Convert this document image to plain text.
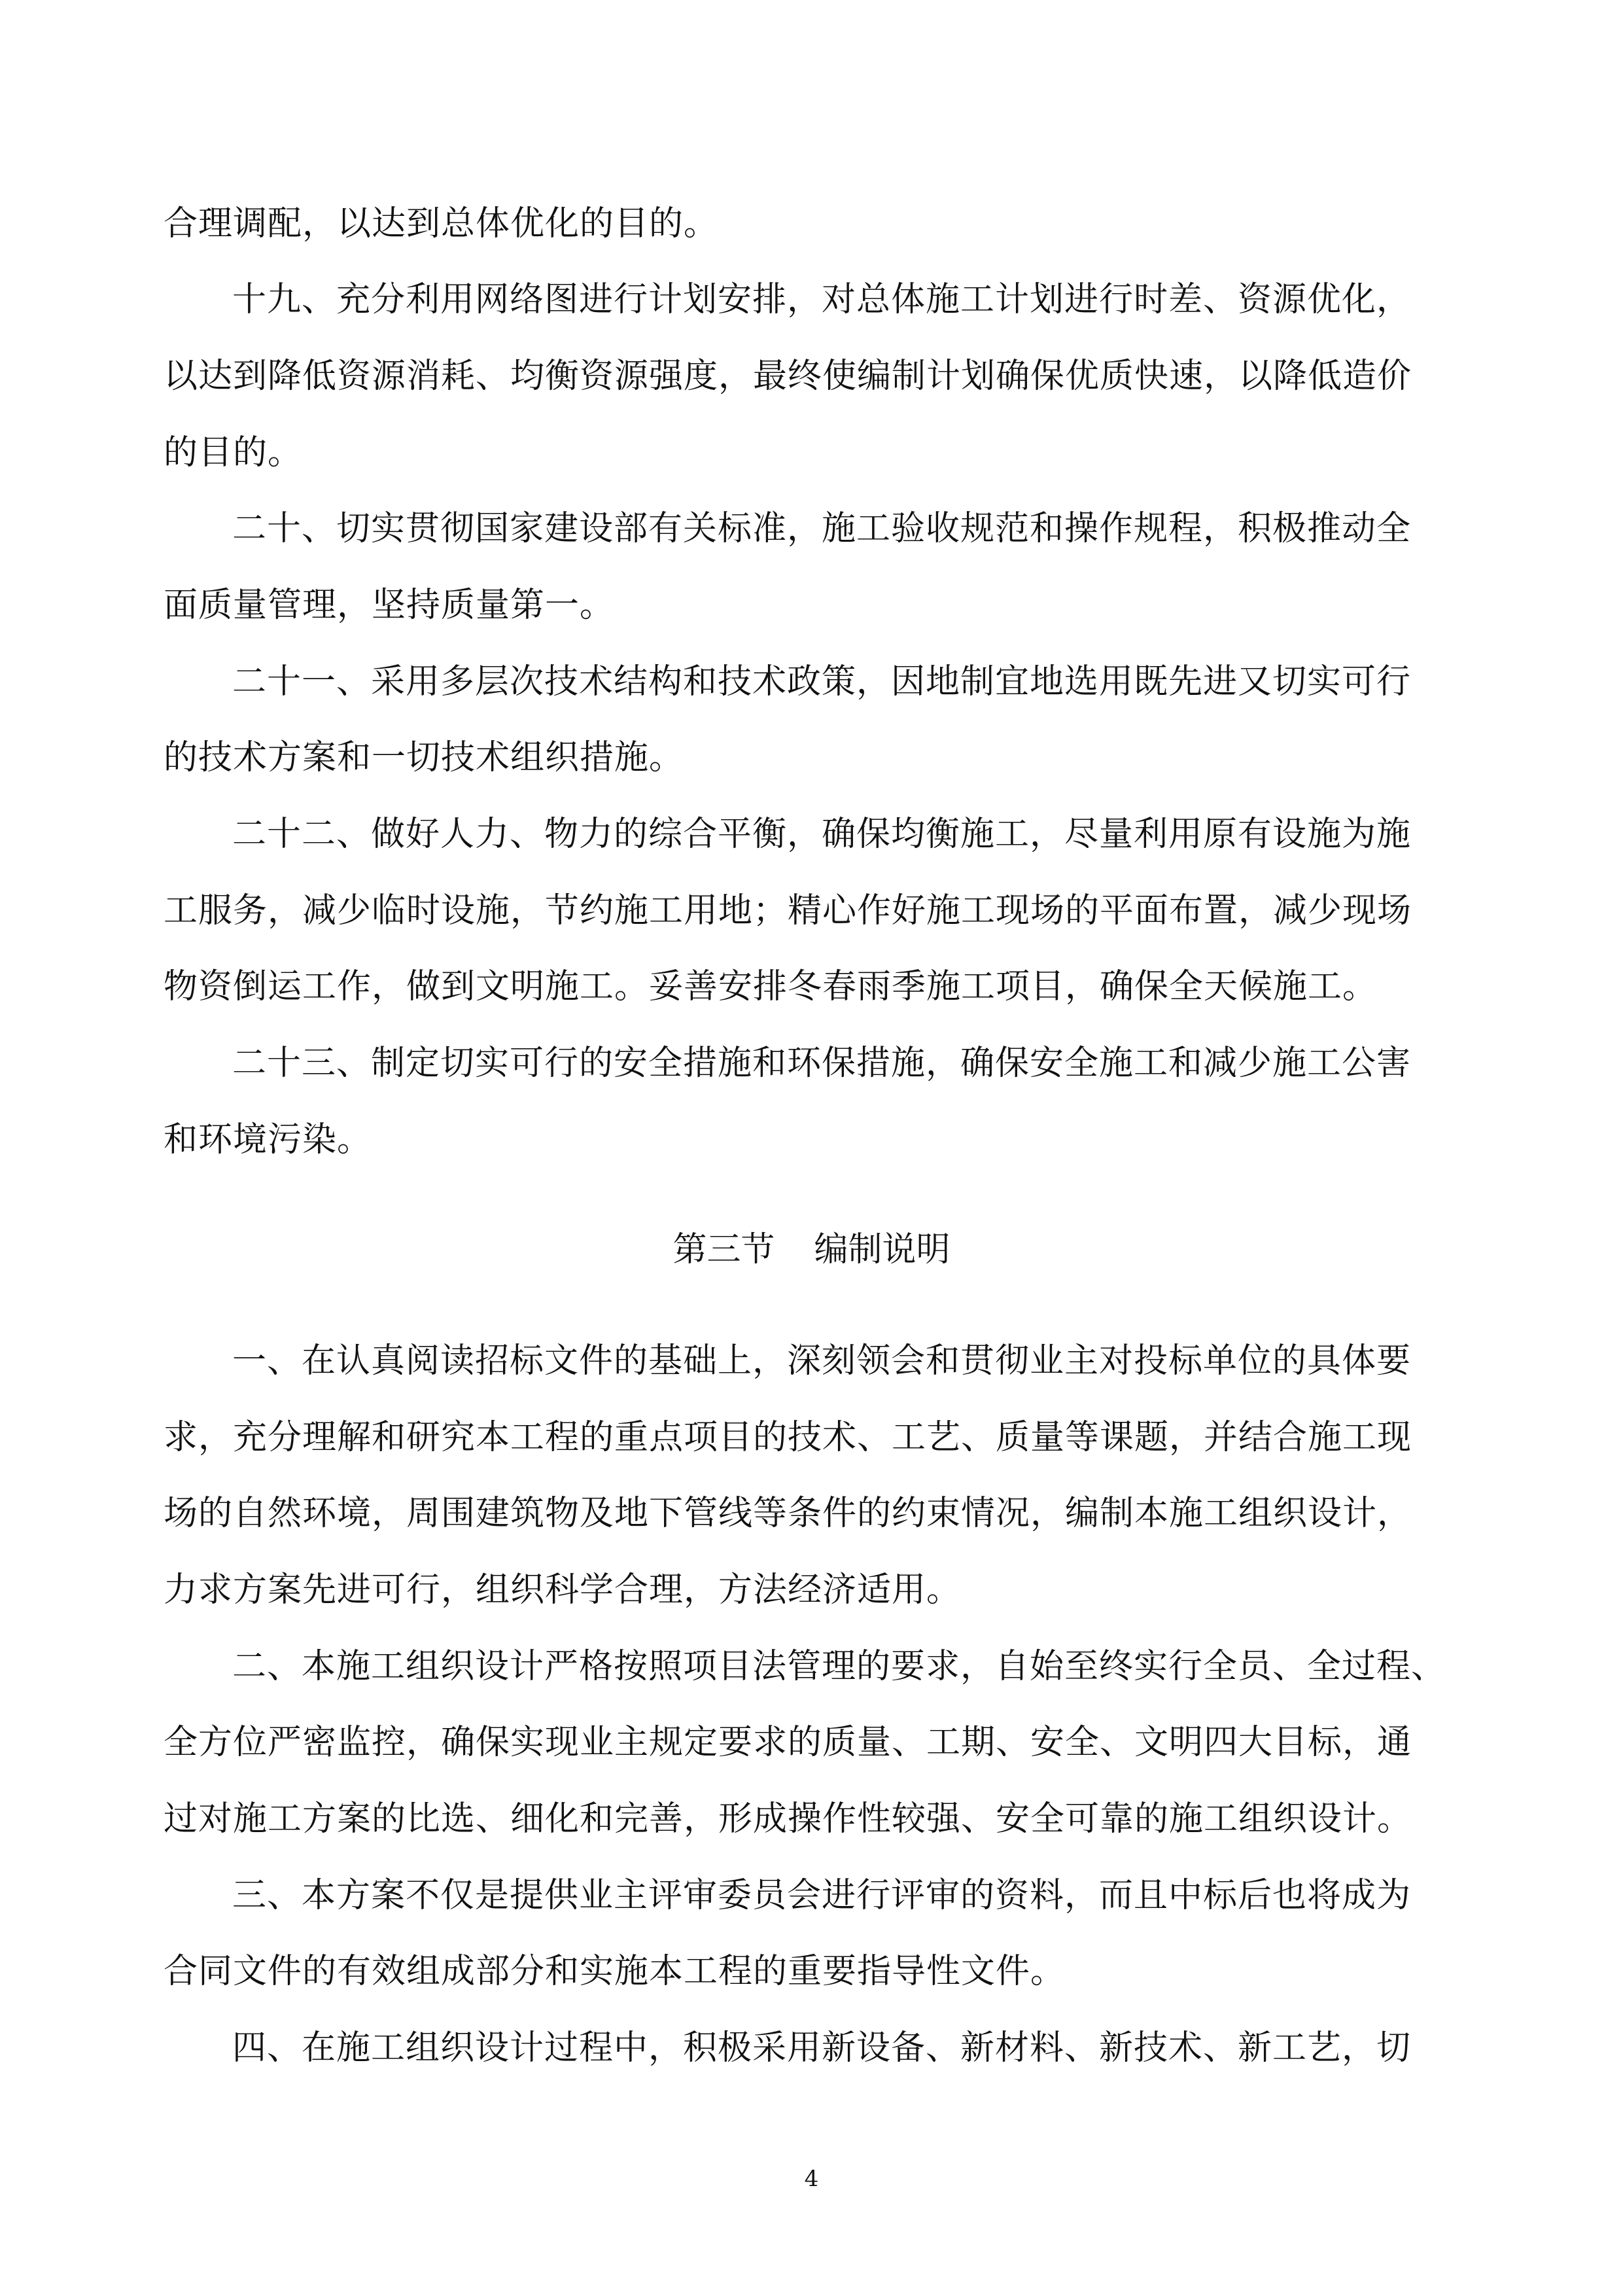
合理调配，以达到总体优化的目的。
十九、充分利用网络图进行计划安排，对总体施工计划进行时差、资源优化，
以达到降低资源消耗、均衡资源强度，最终使编制计划确保优质快速，以降低造价
的目的。
二十、切实贯彻国家建设部有关标准，施工验收规范和操作规程，积极推动全
面质量管理，坚持质量第一。
二十一、采用多层次技术结构和技术政策，因地制宜地选用既先进又切实可行
的技术方案和一切技术组织措施。
二十二、做好人力、物力的综合平衡，确保均衡施工，尽量利用原有设施为施
工服务，减少临时设施，节约施工用地；精心作好施工现场的平面布置，减少现场
物资倒运工作，做到文明施工。妥善安排冬春雨季施工项目，确保全天候施工。
二十三、制定切实可行的安全措施和环保措施，确保安全施工和减少施工公害
和环境污染。
第三节 编制说明
一、在认真阅读招标文件的基础上，深刻领会和贯彻业主对投标单位的具体要
求，充分理解和研究本工程的重点项目的技术、工艺、质量等课题，并结合施工现
场的自然环境，周围建筑物及地下管线等条件的约束情况，编制本施工组织设计，
力求方案先进可行，组织科学合理，方法经济适用。
二、本施工组织设计严格按照项目法管理的要求，自始至终实行全员、全过程、
全方位严密监控，确保实现业主规定要求的质量、工期、安全、文明四大目标，通
过对施工方案的比选、细化和完善，形成操作性较强、安全可靠的施工组织设计。
三、本方案不仅是提供业主评审委员会进行评审的资料，而且中标后也将成为
合同文件的有效组成部分和实施本工程的重要指导性文件。
四、在施工组织设计过程中，积极采用新设备、新材料、新技术、新工艺，切
4
